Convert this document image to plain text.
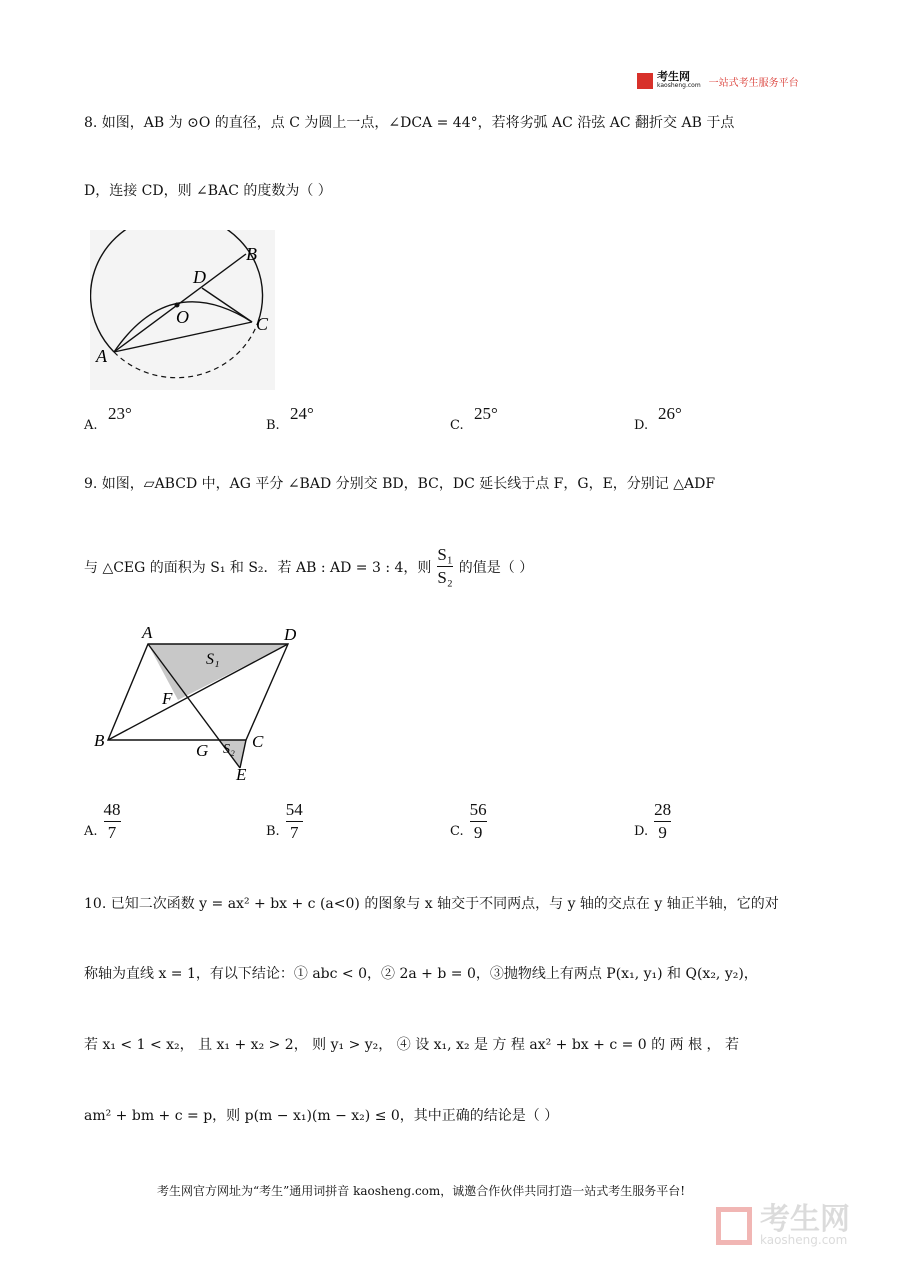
考生网
kaosheng.com 一站式考生服务平台
8. 如图，AB 为 ⊙O 的直径，点 C 为圆上一点，∠DCA = 44°，若将劣弧 AC 沿弦 AC 翻折交 AB 于点
D，连接 CD，则 ∠BAC 的度数为（ ）
B
D
O	C
A
A.
23°
B.
24°
C.
25°
D.
26°
9. 如图，▱ABCD 中，AG 平分 ∠BAD 分别交 BD，BC，DC 延长线于点 F，G，E，分别记 △ADF
与 △CEG 的面积为 S₁ 和 S₂．若 AB : AD = 3 : 4，则 $\frac{\text{S₁}}{\text{S₂}}$ 的值是（ ）
A	D
S₁
F
B
G S₂ C
E
A. $\frac{48}{7}$	B. $\frac{54}{7}$	C. $\frac{56}{9}$	D. $\frac{28}{9}$
10. 已知二次函数 y = ax² + bx + c (a<0) 的图象与 x 轴交于不同两点，与 y 轴的交点在 y 轴正半轴，它的对
称轴为直线 x = 1，有以下结论：① abc < 0，② 2a + b = 0，③抛物线上有两点 P(x₁, y₁) 和 Q(x₂, y₂)，
若 x₁ < 1 < x₂， 且 x₁ + x₂ > 2， 则 y₁ > y₂， ④ 设 x₁, x₂ 是 方 程 ax² + bx + c = 0 的 两 根 ， 若
am² + bm + c = p，则 p(m − x₁)(m − x₂) ≤ 0，其中正确的结论是（ ）
考生网官方网址为“考生”通用词拼音 kaosheng.com，诚邀合作伙伴共同打造一站式考生服务平台!
考生网
kaosheng.com
